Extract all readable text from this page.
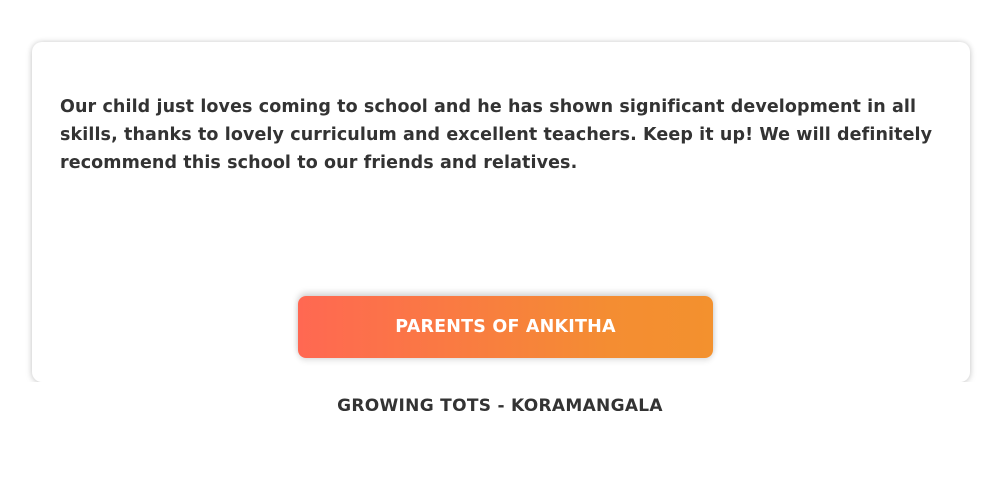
Our child just loves coming to school and he has shown significant development in all skills, thanks to lovely curriculum and excellent teachers. Keep it up! We will definitely recommend this school to our friends and relatives.

PARENTS OF ANKITHA
GROWING TOTS - KORAMANGALA
